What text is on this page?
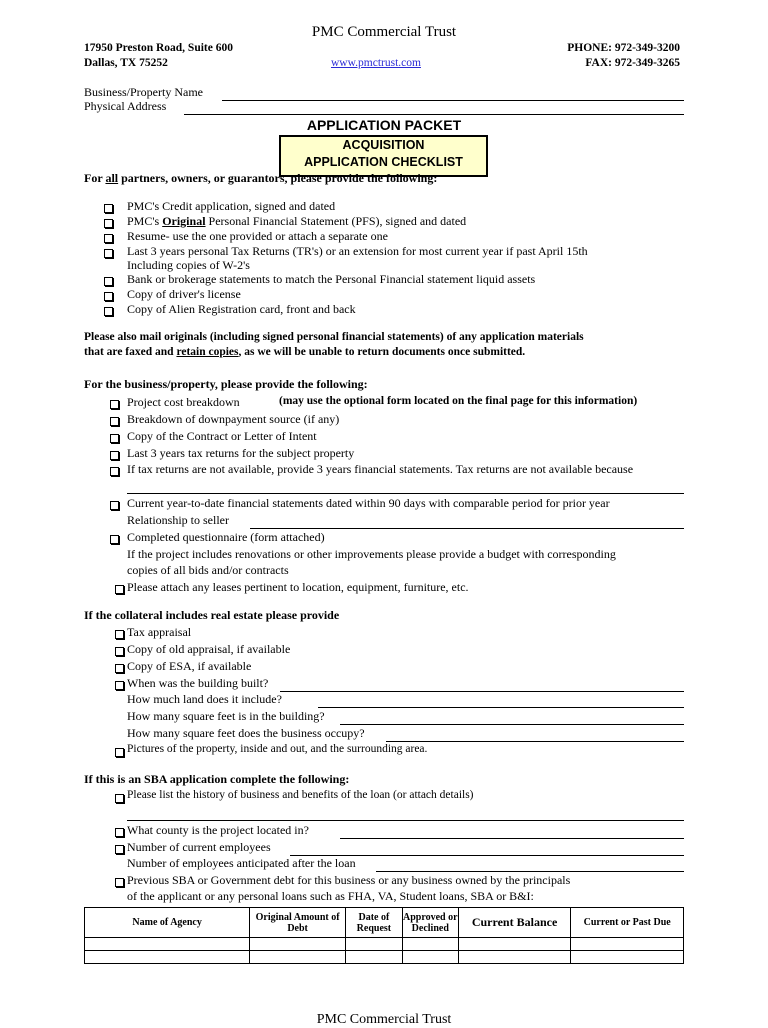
PMC Commercial Trust
17950 Preston Road, Suite 600
Dallas, TX 75252	www.pmctrust.com
PHONE: 972-349-3200
FAX: 972-349-3265
Business/Property Name
Physical Address
APPLICATION PACKET
ACQUISITION
APPLICATION CHECKLIST
For all partners, owners, or guarantors, please provide the following:
PMC's Credit application, signed and dated
PMC's Original Personal Financial Statement (PFS), signed and dated
Resume- use the one provided or attach a separate one
Last 3 years personal Tax Returns (TR's) or an extension for most current year if past April 15th
Including copies of W-2's
Bank or brokerage statements to match the Personal Financial statement liquid assets
Copy of driver's license
Copy of Alien Registration card, front and back
Please also mail originals (including signed personal financial statements) of any application materials
that are faxed and retain copies, as we will be unable to return documents once submitted.
For the business/property, please provide the following:
Project cost breakdown	(may use the optional form located on the final page for this information)
Breakdown of downpayment source (if any)
Copy of the Contract or Letter of Intent
Last 3 years tax returns for the subject property
If tax returns are not available, provide 3 years financial statements. Tax returns are not available because
Current year-to-date financial statements dated within 90 days with comparable period for prior year
Relationship to seller
Completed questionnaire (form attached)
If the project includes renovations or other improvements please provide a budget with corresponding
copies of all bids and/or contracts
Please attach any leases pertinent to location, equipment, furniture, etc.
If the collateral includes real estate please provide
Tax appraisal
Copy of old appraisal, if available
Copy of ESA, if available
When was the building built?
How much land does it include?
How many square feet is in the building?
How many square feet does the business occupy?
Pictures of the property, inside and out, and the surrounding area.
If this is an SBA application complete the following:
Please list the history of business and benefits of the loan (or attach details)
What county is the project located in?
Number of current employees
Number of employees anticipated after the loan
Previous SBA or Government debt for this business or any business owned by the principals
of the applicant or any personal loans such as FHA, VA, Student loans, SBA or B&I:
Name of Agency	Original Amount of Debt	Date of Request	Approved or Declined	Current Balance	Current or Past Due

PMC Commercial Trust
